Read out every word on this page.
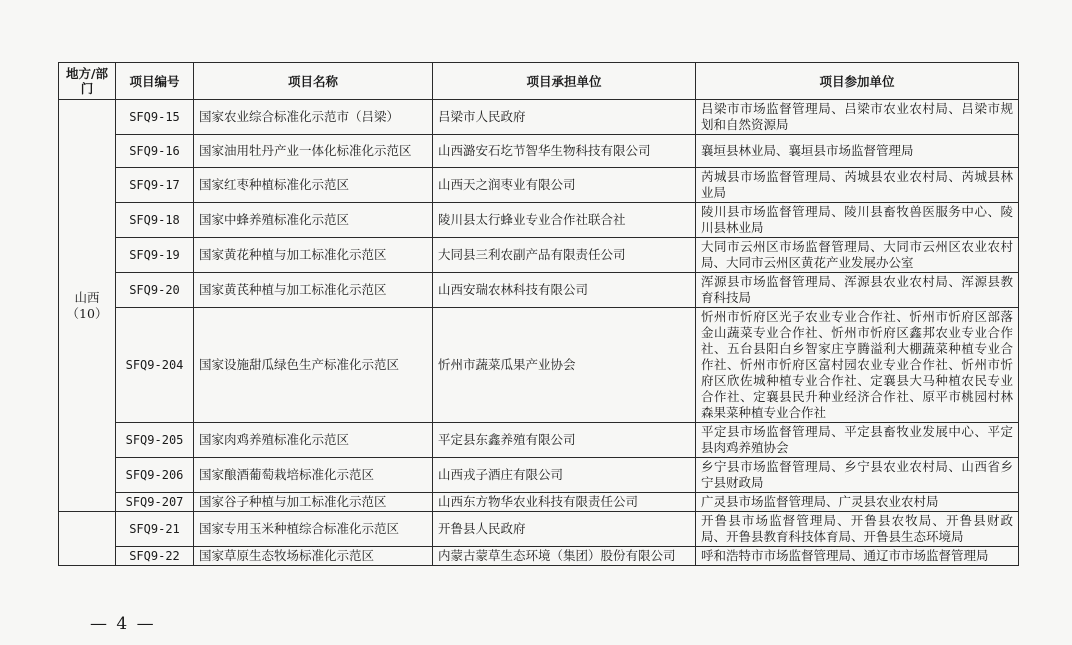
地方/部门	项目编号	项目名称	项目承担单位	项目参加单位

山西
（10）	SFQ9-15	国家农业综合标准化示范市（吕梁）	吕梁市人民政府	吕梁市市场监督管理局、吕梁市农业农村局、吕梁市规划和自然资源局
	SFQ9-16	国家油用牡丹产业一体化标准化示范区	山西潞安石圪节智华生物科技有限公司	襄垣县林业局、襄垣县市场监督管理局
	SFQ9-17	国家红枣种植标准化示范区	山西天之润枣业有限公司	芮城县市场监督管理局、芮城县农业农村局、芮城县林业局
	SFQ9-18	国家中蜂养殖标准化示范区	陵川县太行蜂业专业合作社联合社	陵川县市场监督管理局、陵川县畜牧兽医服务中心、陵川县林业局
	SFQ9-19	国家黄花种植与加工标准化示范区	大同县三利农副产品有限责任公司	大同市云州区市场监督管理局、大同市云州区农业农村局、大同市云州区黄花产业发展办公室
	SFQ9-20	国家黄芪种植与加工标准化示范区	山西安瑞农林科技有限公司	浑源县市场监督管理局、浑源县农业农村局、浑源县教育科技局
	SFQ9-204	国家设施甜瓜绿色生产标准化示范区	忻州市蔬菜瓜果产业协会	忻州市忻府区光子农业专业合作社、忻州市忻府区部落金山蔬菜专业合作社、忻州市忻府区鑫邦农业专业合作社、五台县阳白乡智家庄亨腾溢利大棚蔬菜种植专业合作社、忻州市忻府区富村园农业专业合作社、忻州市忻府区欣佐城种植专业合作社、定襄县大马种植农民专业合作社、定襄县民升种业经济合作社、原平市桃园村林森果菜种植专业合作社
	SFQ9-205	国家肉鸡养殖标准化示范区	平定县东鑫养殖有限公司	平定县市场监督管理局、平定县畜牧业发展中心、平定县肉鸡养殖协会
	SFQ9-206	国家酿酒葡萄栽培标准化示范区	山西戎子酒庄有限公司	乡宁县市场监督管理局、乡宁县农业农村局、山西省乡宁县财政局
	SFQ9-207	国家谷子种植与加工标准化示范区	山西东方物华农业科技有限责任公司	广灵县市场监督管理局、广灵县农业农村局

	SFQ9-21	国家专用玉米种植综合标准化示范区	开鲁县人民政府	开鲁县市场监督管理局、开鲁县农牧局、开鲁县财政局、开鲁县教育科技体育局、开鲁县生态环境局
	SFQ9-22	国家草原生态牧场标准化示范区	内蒙古蒙草生态环境（集团）股份有限公司	呼和浩特市市场监督管理局、通辽市市场监督管理局
— 4 —
